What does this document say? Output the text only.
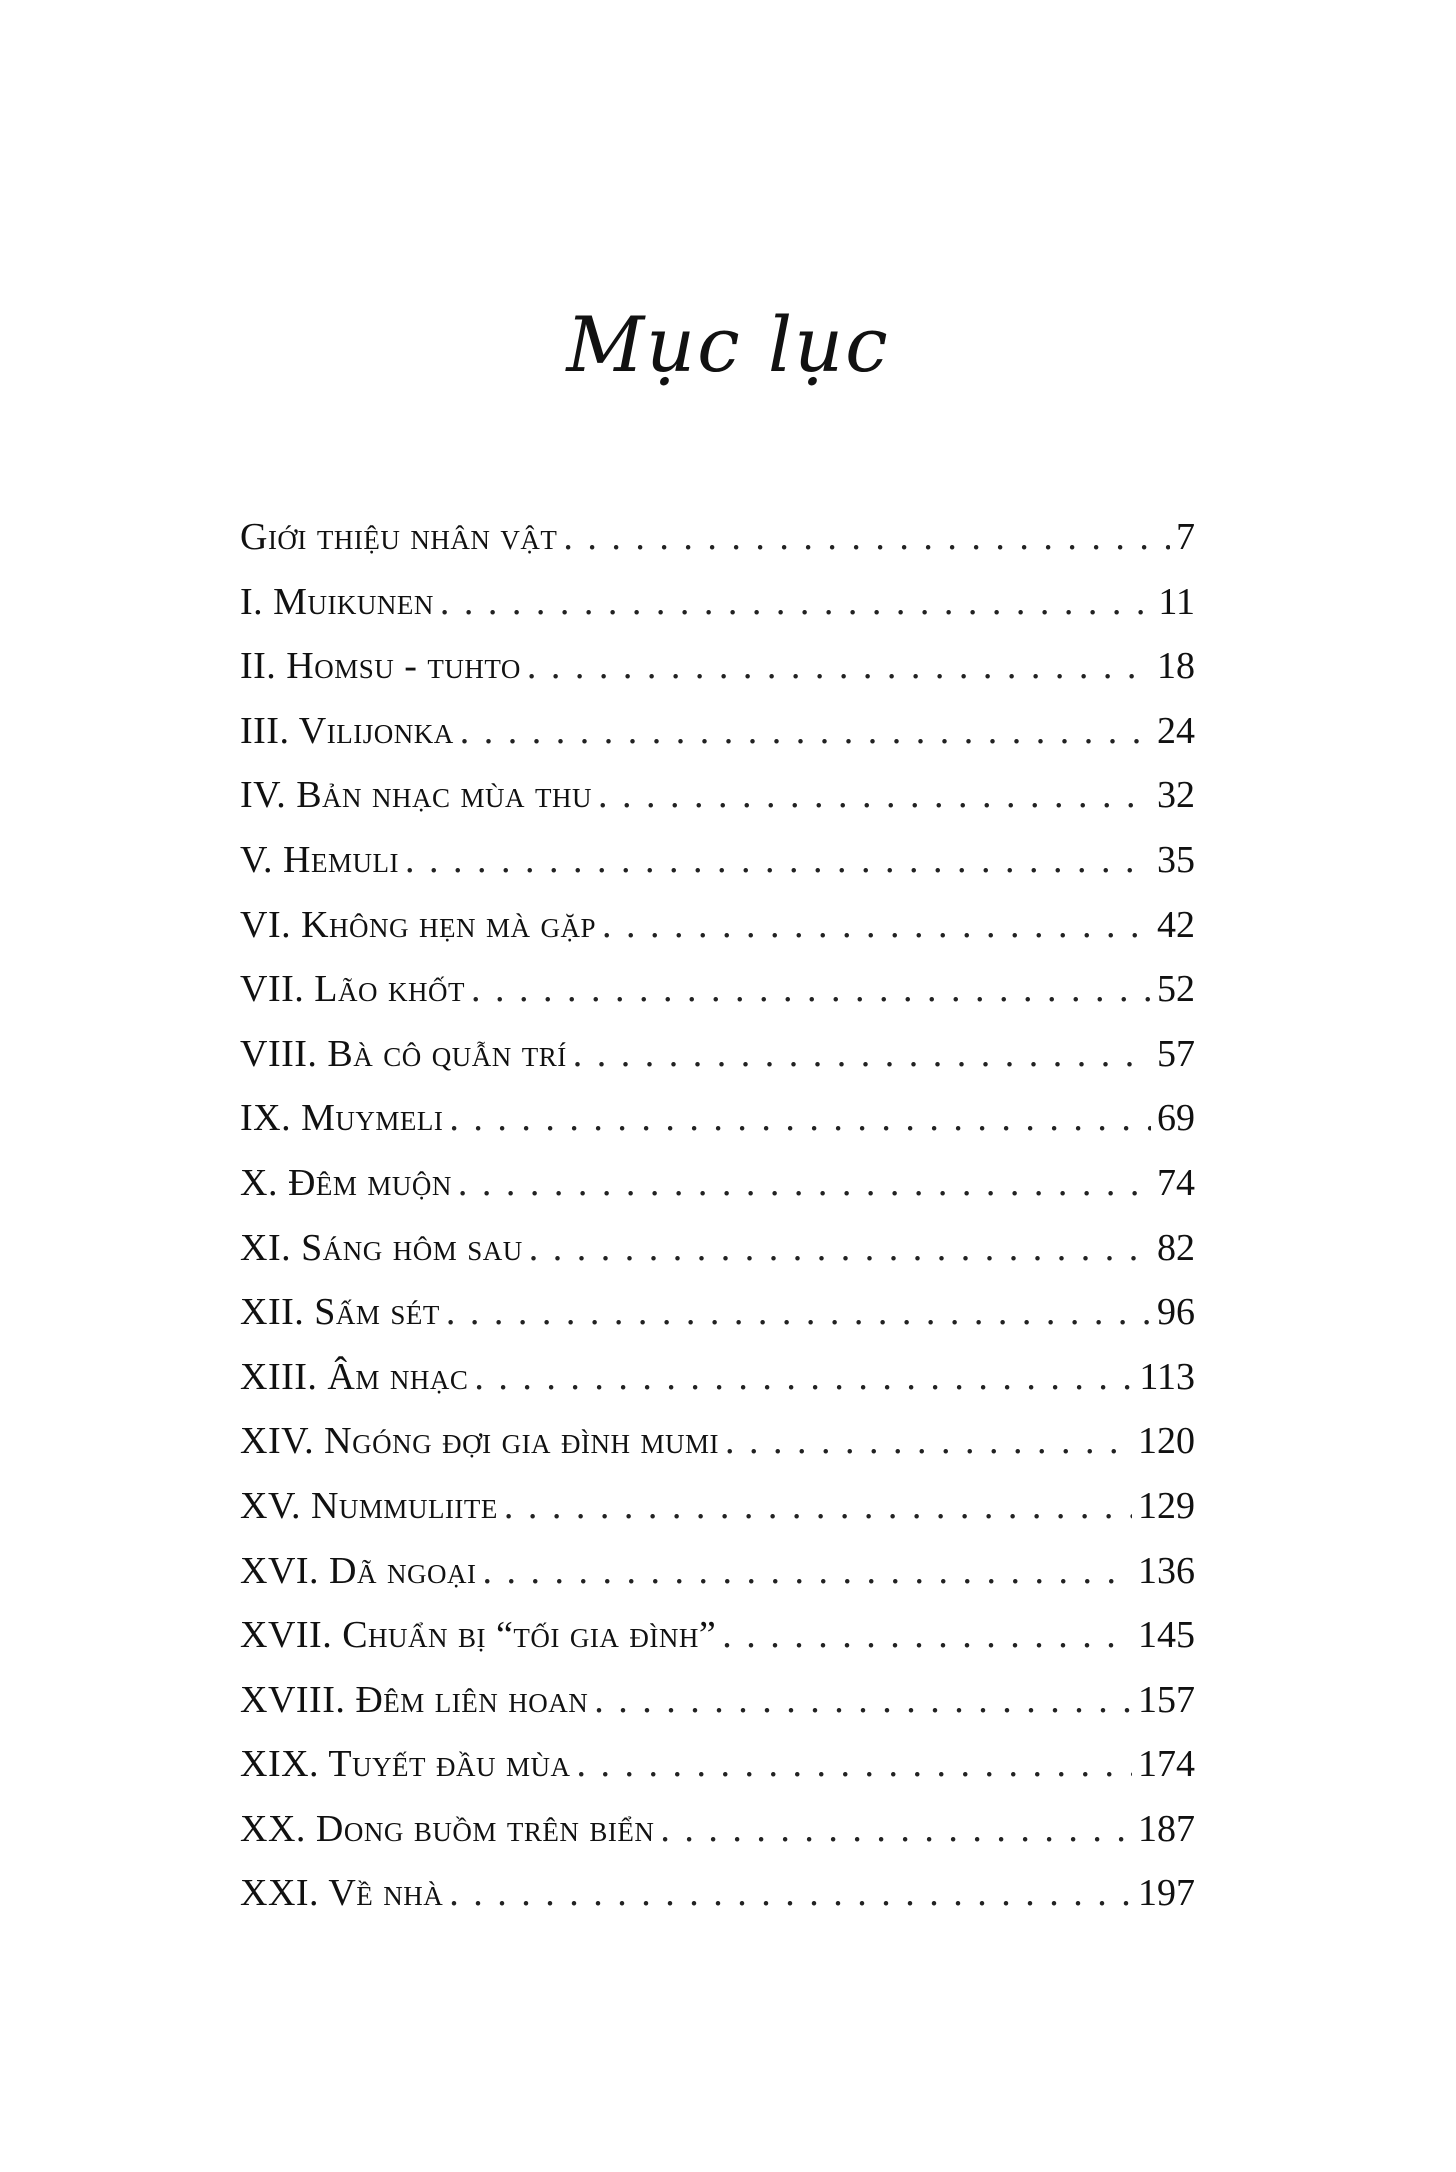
Mục lục
Giới thiệu nhân vật . . .	7
I. Muikunen . . .	11
II. Homsu - tuhto . . .	18
III. Vilijonka . . .	24
IV. Bản nhạc mùa thu . . .	32
V. Hemuli . . .	35
VI. Không hẹn mà gặp . . .	42
VII. Lão khốt . . .	52
VIII. Bà cô quẫn trí . . .	57
IX. Muymeli . . .	69
X. Đêm muộn . . .	74
XI. Sáng hôm sau . . .	82
XII. Sấm sét . . .	96
XIII. Âm nhạc . . .	113
XIV. Ngóng đợi gia đình mumi . . .	120
XV. Nummuliite . . .	129
XVI. Dã ngoại . . .	136
XVII. Chuẩn bị “tối gia đình” . . .	145
XVIII. Đêm liên hoan . . .	157
XIX. Tuyết đầu mùa . . .	174
XX. Dong buồm trên biển . . .	187
XXI. Về nhà . . .	197
